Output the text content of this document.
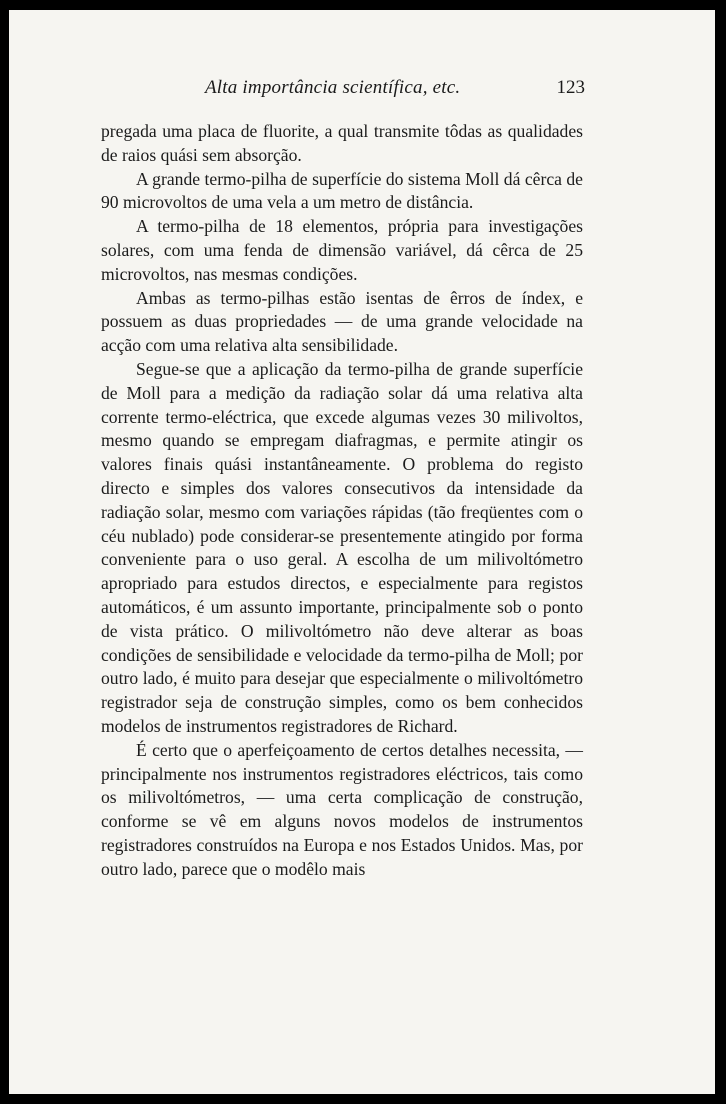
Alta importância scientífica, etc.	123

pregada uma placa de fluorite, a qual transmite tôdas as qualidades de raios quási sem absorção.

A grande termo-pilha de superfície do sistema Moll dá cêrca de 90 microvoltos de uma vela a um metro de distância.

A termo-pilha de 18 elementos, própria para investigações solares, com uma fenda de dimensão variável, dá cêrca de 25 microvoltos, nas mesmas condições.

Ambas as termo-pilhas estão isentas de êrros de índex, e possuem as duas propriedades — de uma grande velocidade na acção com uma relativa alta sensibilidade.

Segue-se que a aplicação da termo-pilha de grande superfície de Moll para a medição da radiação solar dá uma relativa alta corrente termo-eléctrica, que excede algumas vezes 30 milivoltos, mesmo quando se empregam diafragmas, e permite atingir os valores finais quási instantâneamente. O problema do registo directo e simples dos valores consecutivos da intensidade da radiação solar, mesmo com variações rápidas (tão freqüentes com o céu nublado) pode considerar-se presentemente atingido por forma conveniente para o uso geral. A escolha de um milivoltómetro apropriado para estudos directos, e especialmente para registos automáticos, é um assunto importante, principalmente sob o ponto de vista prático. O milivoltómetro não deve alterar as boas condições de sensibilidade e velocidade da termo-pilha de Moll; por outro lado, é muito para desejar que especialmente o milivoltómetro registrador seja de construção simples, como os bem conhecidos modelos de instrumentos registradores de Richard.

É certo que o aperfeiçoamento de certos detalhes necessita, — principalmente nos instrumentos registradores eléctricos, tais como os milivoltómetros, — uma certa complicação de construção, conforme se vê em alguns novos modelos de instrumentos registradores construídos na Europa e nos Estados Unidos. Mas, por outro lado, parece que o modêlo mais
